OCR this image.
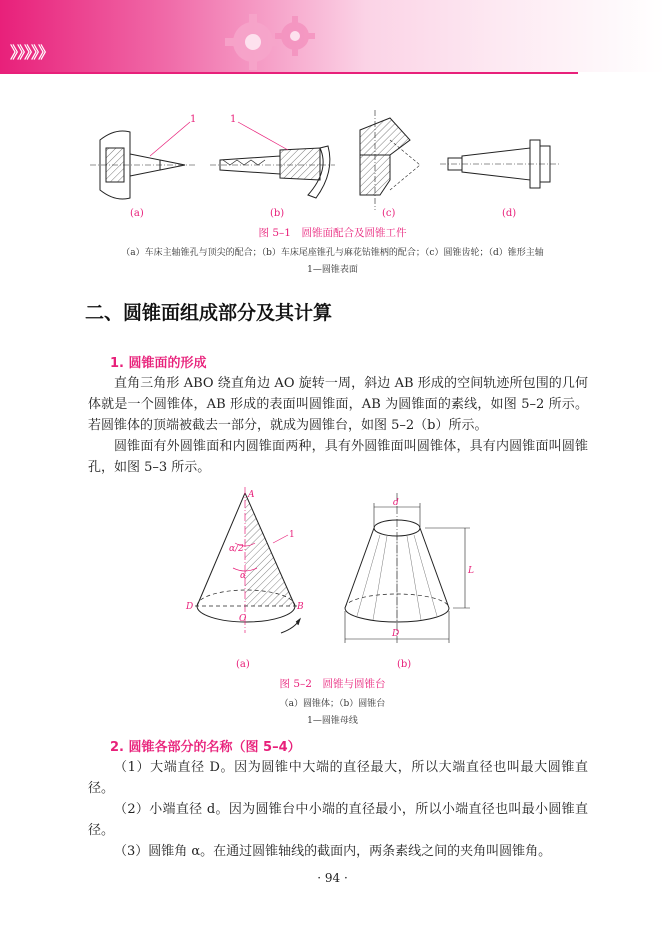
》》》》》
1	1
(a)	(b)	(c)	(d)
图 5–1　圆锥面配合及圆锥工件
（a）车床主轴锥孔与顶尖的配合；（b）车床尾座锥孔与麻花钻锥柄的配合；（c）圆锥齿轮；（d）锥形主轴
1—圆锥表面
二、圆锥面组成部分及其计算
1. 圆锥面的形成
直角三角形 ABO 绕直角边 AO 旋转一周，斜边 AB 形成的空间轨迹所包围的几何体就是一个圆锥体，AB 形成的表面叫圆锥面，AB 为圆锥面的素线，如图 5–2 所示。若圆锥体的顶端被截去一部分，就成为圆锥台，如图 5–2（b）所示。
圆锥面有外圆锥面和内圆锥面两种，具有外圆锥面叫圆锥体，具有内圆锥面叫圆锥孔，如图 5–3 所示。
A
D	B
O
α/2
α
1
d
L
D
(a)	(b)
图 5–2　圆锥与圆锥台
（a）圆锥体；（b）圆锥台
1—圆锥母线
2. 圆锥各部分的名称（图 5–4）
（1）大端直径 D。因为圆锥中大端的直径最大，所以大端直径也叫最大圆锥直径。
（2）小端直径 d。因为圆锥台中小端的直径最小，所以小端直径也叫最小圆锥直径。
（3）圆锥角 α。在通过圆锥轴线的截面内，两条素线之间的夹角叫圆锥角。
· 94 ·
